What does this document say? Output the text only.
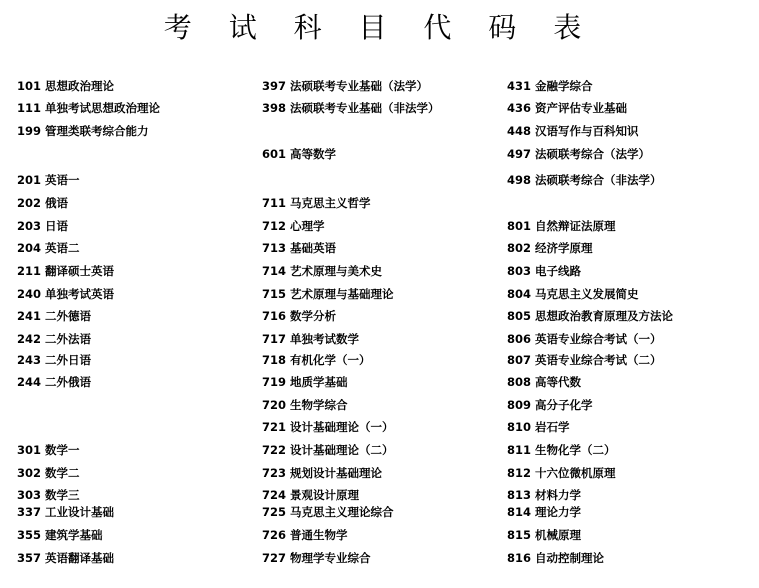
考 试 科 目 代 码 表
101 思想政治理论
111 单独考试思想政治理论
199 管理类联考综合能力
201 英语一
202 俄语
203 日语
204 英语二
211 翻译硕士英语
240 单独考试英语
241 二外德语
242 二外法语
243 二外日语
244 二外俄语
301 数学一
302 数学二
303 数学三
337 工业设计基础
355 建筑学基础
357 英语翻译基础
397 法硕联考专业基础（法学）
398 法硕联考专业基础（非法学）
601 高等数学
711 马克思主义哲学
712 心理学
713 基础英语
714 艺术原理与美术史
715 艺术原理与基础理论
716 数学分析
717 单独考试数学
718 有机化学（一）
719 地质学基础
720 生物学综合
721 设计基础理论（一）
722 设计基础理论（二）
723 规划设计基础理论
724 景观设计原理
725 马克思主义理论综合
726 普通生物学
727 物理学专业综合
431 金融学综合
436 资产评估专业基础
448 汉语写作与百科知识
497 法硕联考综合（法学）
498 法硕联考综合（非法学）
801 自然辩证法原理
802 经济学原理
803 电子线路
804 马克思主义发展简史
805 思想政治教育原理及方法论
806 英语专业综合考试（一）
807 英语专业综合考试（二）
808 高等代数
809 高分子化学
810 岩石学
811 生物化学（二）
812 十六位微机原理
813 材料力学
814 理论力学
815 机械原理
816 自动控制理论
